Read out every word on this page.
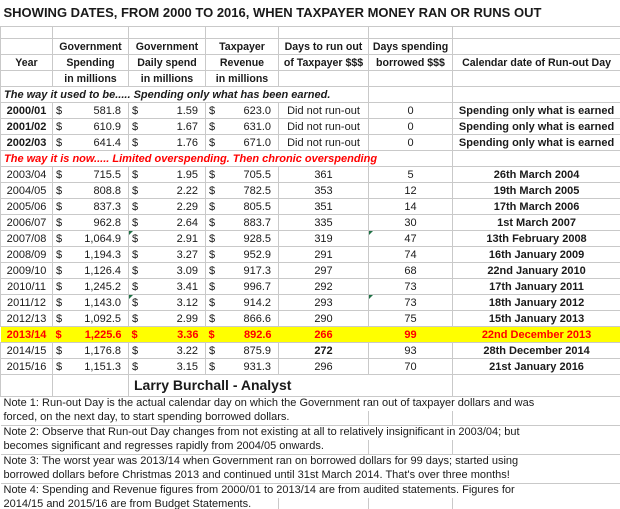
SHOWING DATES, FROM 2000 TO 2016, WHEN TAXPAYER MONEY RAN OR RUNS OUT						

	Government	Government	Taxpayer	Days to run out	Days spending	
Year	Spending	Daily spend	Revenue	of Taxpayer $$$	borrowed $$$	Calendar date of Run-out Day
	in millions	in millions	in millions			
The way it used to be..... Spending only what has been earned.						
2000/01	$ 581.8	$ 1.59	$ 623.0	Did not run-out	0	Spending only what is earned
2001/02	$ 610.9	$ 1.67	$ 631.0	Did not run-out	0	Spending only what is earned
2002/03	$ 641.4	$ 1.76	$ 671.0	Did not run-out	0	Spending only what is earned
The way it is now..... Limited overspending. Then chronic overspending						
2003/04	$ 715.5	$ 1.95	$ 705.5	361	5	26th March 2004
2004/05	$ 808.8	$ 2.22	$ 782.5	353	12	19th March 2005
2005/06	$ 837.3	$ 2.29	$ 805.5	351	14	17th March 2006
2006/07	$ 962.8	$ 2.64	$ 883.7	335	30	1st March 2007
2007/08	$ 1,064.9	$ 2.91	$ 928.5	319	47	13th February 2008
2008/09	$ 1,194.3	$ 3.27	$ 952.9	291	74	16th January 2009
2009/10	$ 1,126.4	$ 3.09	$ 917.3	297	68	22nd January 2010
2010/11	$ 1,245.2	$ 3.41	$ 996.7	292	73	17th January 2011
2011/12	$ 1,143.0	$ 3.12	$ 914.2	293	73	18th January 2012
2012/13	$ 1,092.5	$ 2.99	$ 866.6	290	75	15th January 2013
2013/14	$ 1,225.6	$ 3.36	$ 892.6	266	99	22nd December 2013
2014/15	$ 1,176.8	$ 3.22	$ 875.9	272	93	28th December 2014
2015/16	$ 1,151.3	$ 3.15	$ 931.3	296	70	21st January 2016
		Larry Burchall - Analyst				
Note 1: Run-out Day is the actual calendar day on which the Government ran out of taxpayer dollars and was						
forced, on the next day, to start spending borrowed dollars.						
Note 2: Observe that Run-out Day changes from not existing at all to relatively insignificant in 2003/04; but						
becomes significant and regresses rapidly from 2004/05 onwards.						
Note 3: The worst year was 2013/14 when Government ran on borrowed dollars for 99 days; started using						
borrowed dollars before Christmas 2013 and continued until 31st March 2014. That's over three months!						
Note 4: Spending and Revenue figures from 2000/01 to 2013/14 are from audited statements. Figures for						
2014/15 and 2015/16 are from Budget Statements.						
